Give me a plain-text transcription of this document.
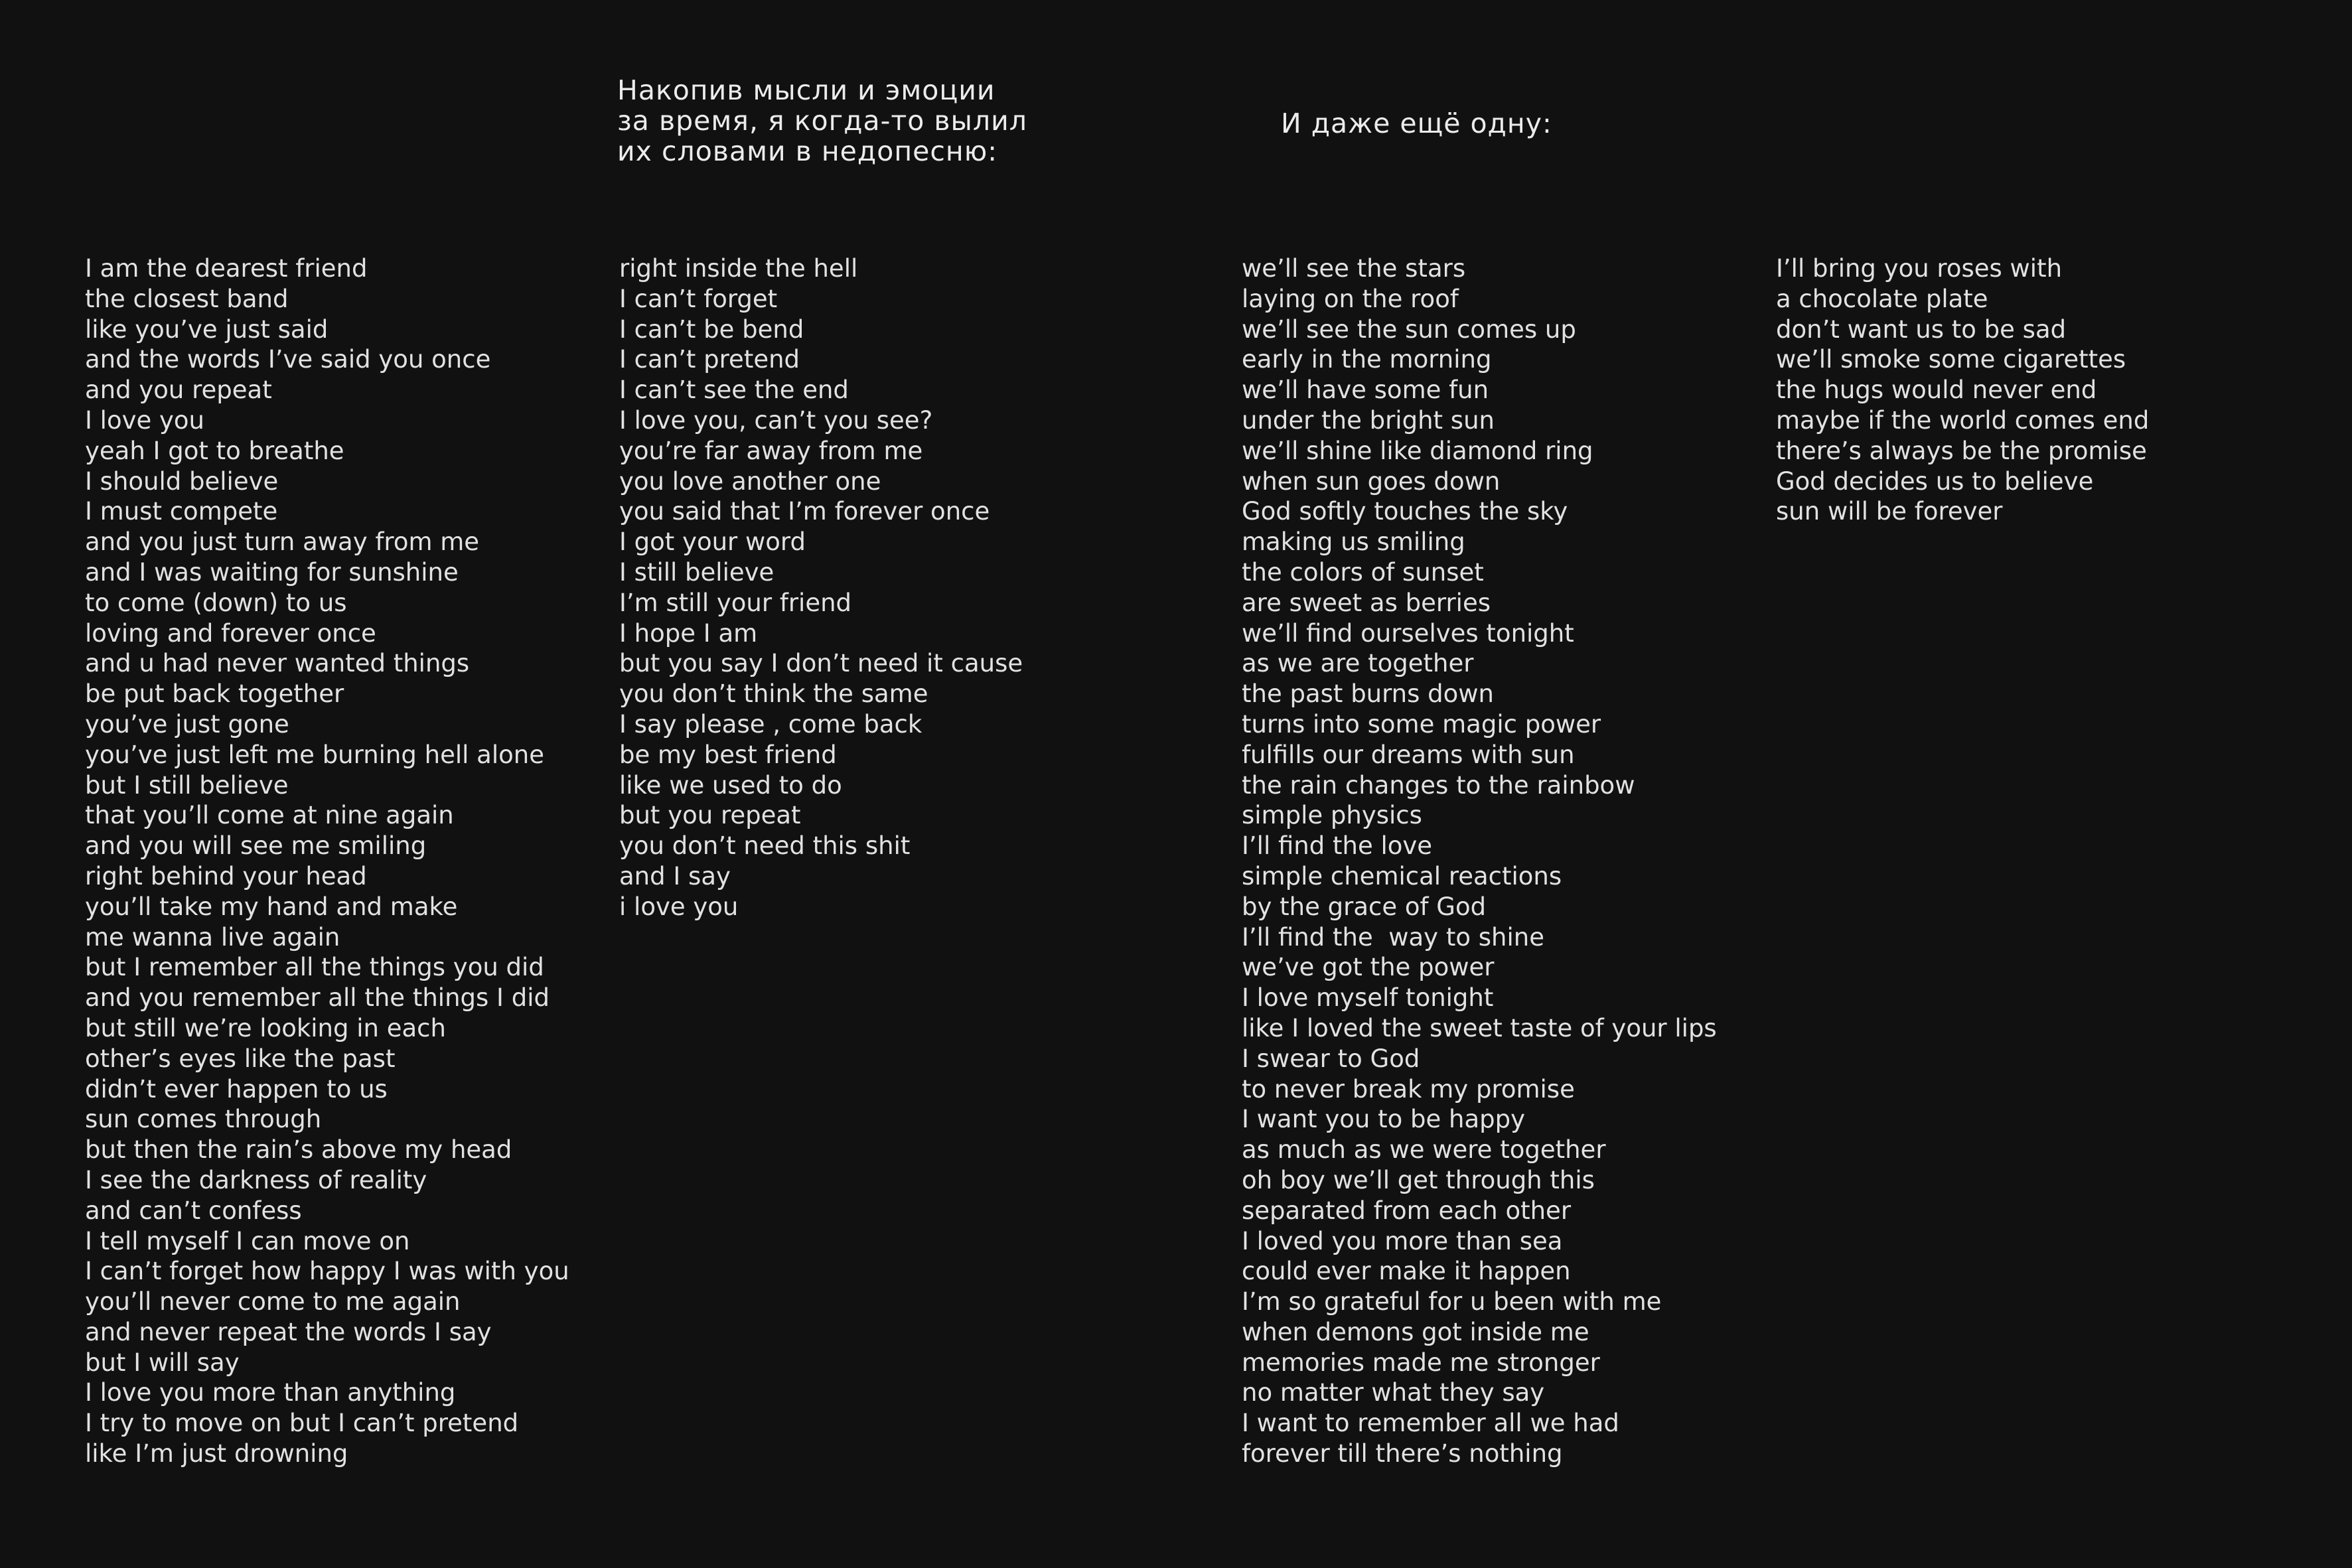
Накопив мысли и эмоции
за время, я когда-то вылил
их словами в недопесню:
И даже ещё одну:
I am the dearest friend
the closest band
like you’ve just said
and the words I’ve said you once
and you repeat
I love you
yeah I got to breathe
I should believe
I must compete
and you just turn away from me
and I was waiting for sunshine
to come (down) to us
loving and forever once
and u had never wanted things
be put back together
you’ve just gone
you’ve just left me burning hell alone
but I still believe
that you’ll come at nine again
and you will see me smiling
right behind your head
you’ll take my hand and make
me wanna live again
but I remember all the things you did
and you remember all the things I did
but still we’re looking in each
other’s eyes like the past
didn’t ever happen to us
sun comes through
but then the rain’s above my head
I see the darkness of reality
and can’t confess
I tell myself I can move on
I can’t forget how happy I was with you
you’ll never come to me again
and never repeat the words I say
but I will say
I love you more than anything
I try to move on but I can’t pretend
like I’m just drowning
right inside the hell
I can’t forget
I can’t be bend
I can’t pretend
I can’t see the end
I love you, can’t you see?
you’re far away from me
you love another one
you said that I’m forever once
I got your word
I still believe
I’m still your friend
I hope I am
but you say I don’t need it cause
you don’t think the same
I say please , come back
be my best friend
like we used to do
but you repeat
you don’t need this shit
and I say
i love you
we’ll see the stars
laying on the roof
we’ll see the sun comes up
early in the morning
we’ll have some fun
under the bright sun
we’ll shine like diamond ring
when sun goes down
God softly touches the sky
making us smiling
the colors of sunset
are sweet as berries
we’ll find ourselves tonight
as we are together
the past burns down
turns into some magic power
fulfills our dreams with sun
the rain changes to the rainbow
simple physics
I’ll find the love
simple chemical reactions
by the grace of God
I’ll find the  way to shine
we’ve got the power
I love myself tonight
like I loved the sweet taste of your lips
I swear to God
to never break my promise
I want you to be happy
as much as we were together
oh boy we’ll get through this
separated from each other
I loved you more than sea
could ever make it happen
I’m so grateful for u been with me
when demons got inside me
memories made me stronger
no matter what they say
I want to remember all we had
forever till there’s nothing
I’ll bring you roses with
a chocolate plate
don’t want us to be sad
we’ll smoke some cigarettes
the hugs would never end
maybe if the world comes end
there’s always be the promise
God decides us to believe
sun will be forever
